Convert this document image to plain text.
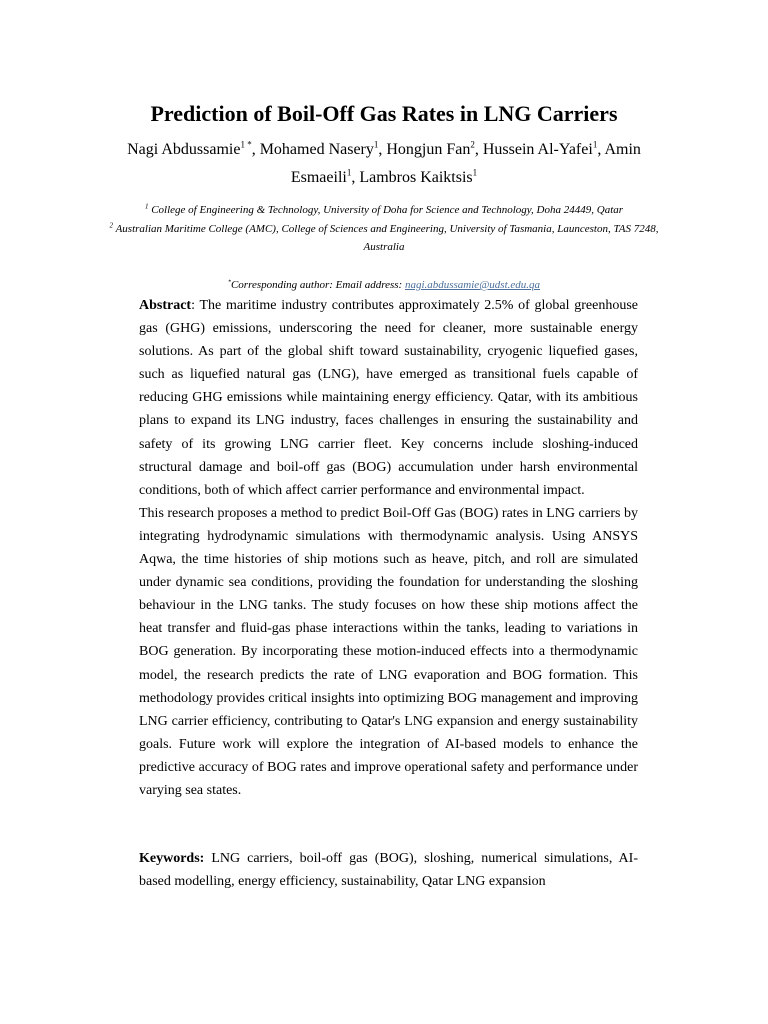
Prediction of Boil-Off Gas Rates in LNG Carriers
Nagi Abdussamie$^{1 *}$, Mohamed Nasery$^1$, Hongjun Fan$^2$, Hussein Al-Yafei$^1$, Amin Esmaeili$^1$, Lambros Kaiktsis$^1$
$^1$ College of Engineering & Technology, University of Doha for Science and Technology, Doha 24449, Qatar
$^2$ Australian Maritime College (AMC), College of Sciences and Engineering, University of Tasmania, Launceston, TAS 7248, Australia
*Corresponding author: Email address: nagi.abdussamie@udst.edu.qa

Abstract: The maritime industry contributes approximately 2.5% of global greenhouse gas (GHG) emissions, underscoring the need for cleaner, more sustainable energy solutions. As part of the global shift toward sustainability, cryogenic liquefied gases, such as liquefied natural gas (LNG), have emerged as transitional fuels capable of reducing GHG emissions while maintaining energy efficiency. Qatar, with its ambitious plans to expand its LNG industry, faces challenges in ensuring the sustainability and safety of its growing LNG carrier fleet. Key concerns include sloshing-induced structural damage and boil-off gas (BOG) accumulation under harsh environmental conditions, both of which affect carrier performance and environmental impact.

This research proposes a method to predict Boil-Off Gas (BOG) rates in LNG carriers by integrating hydrodynamic simulations with thermodynamic analysis. Using ANSYS Aqwa, the time histories of ship motions such as heave, pitch, and roll are simulated under dynamic sea conditions, providing the foundation for understanding the sloshing behaviour in the LNG tanks. The study focuses on how these ship motions affect the heat transfer and fluid-gas phase interactions within the tanks, leading to variations in BOG generation. By incorporating these motion-induced effects into a thermodynamic model, the research predicts the rate of LNG evaporation and BOG formation. This methodology provides critical insights into optimizing BOG management and improving LNG carrier efficiency, contributing to Qatar's LNG expansion and energy sustainability goals. Future work will explore the integration of AI-based models to enhance the predictive accuracy of BOG rates and improve operational safety and performance under varying sea states.

Keywords: LNG carriers, boil-off gas (BOG), sloshing, numerical simulations, AI-based modelling, energy efficiency, sustainability, Qatar LNG expansion
